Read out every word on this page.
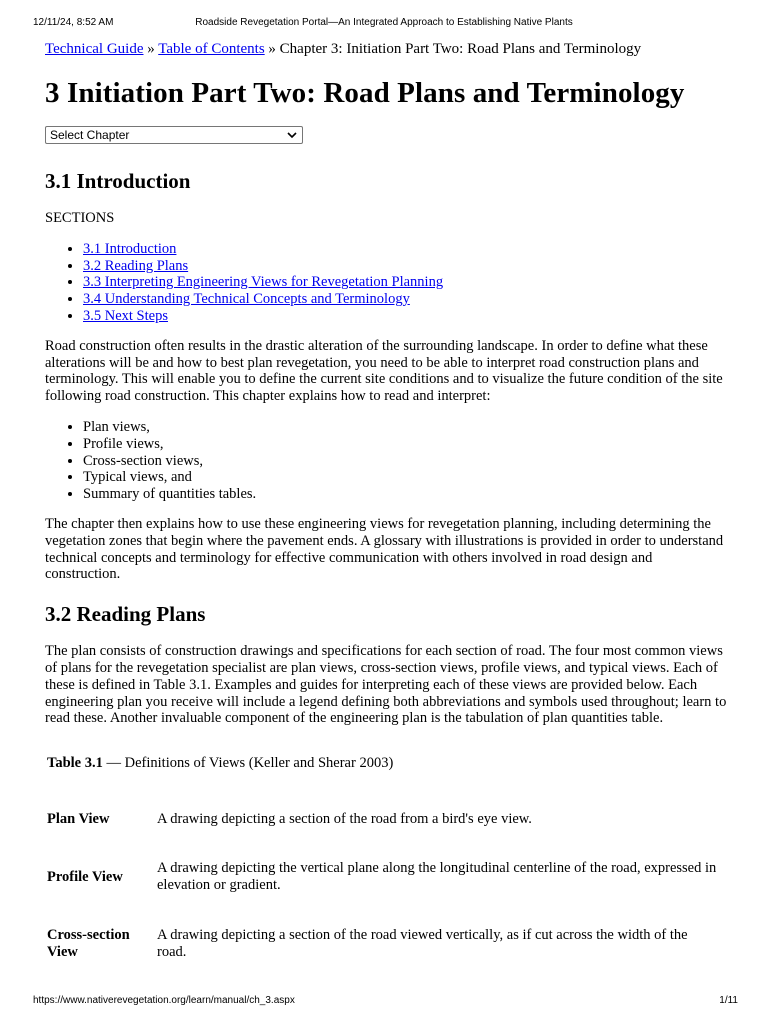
12/11/24, 8:52 AM	Roadside Revegetation Portal—An Integrated Approach to Establishing Native Plants

Technical Guide » Table of Contents » Chapter 3: Initiation Part Two: Road Plans and Terminology

3 Initiation Part Two: Road Plans and Terminology
Select Chapter
3.1 Introduction

SECTIONS

• 3.1 Introduction
• 3.2 Reading Plans
• 3.3 Interpreting Engineering Views for Revegetation Planning
• 3.4 Understanding Technical Concepts and Terminology
• 3.5 Next Steps

Road construction often results in the drastic alteration of the surrounding landscape. In order to define what these alterations will be and how to best plan revegetation, you need to be able to interpret road construction plans and terminology. This will enable you to define the current site conditions and to visualize the future condition of the site following road construction. This chapter explains how to read and interpret:

• Plan views,
• Profile views,
• Cross-section views,
• Typical views, and
• Summary of quantities tables.

The chapter then explains how to use these engineering views for revegetation planning, including determining the vegetation zones that begin where the pavement ends. A glossary with illustrations is provided in order to understand technical concepts and terminology for effective communication with others involved in road design and construction.

3.2 Reading Plans

The plan consists of construction drawings and specifications for each section of road. The four most common views of plans for the revegetation specialist are plan views, cross-section views, profile views, and typical views. Each of these is defined in Table 3.1. Examples and guides for interpreting each of these views are provided below. Each engineering plan you receive will include a legend defining both abbreviations and symbols used throughout; learn to read these. Another invaluable component of the engineering plan is the tabulation of plan quantities table.

Table 3.1 — Definitions of Views (Keller and Sherar 2003)

Plan View	A drawing depicting a section of the road from a bird's eye view.
Profile View	A drawing depicting the vertical plane along the longitudinal centerline of the road, expressed in elevation or gradient.
Cross-section View	A drawing depicting a section of the road viewed vertically, as if cut across the width of the road.
https://www.nativerevegetation.org/learn/manual/ch_3.aspx	1/11
